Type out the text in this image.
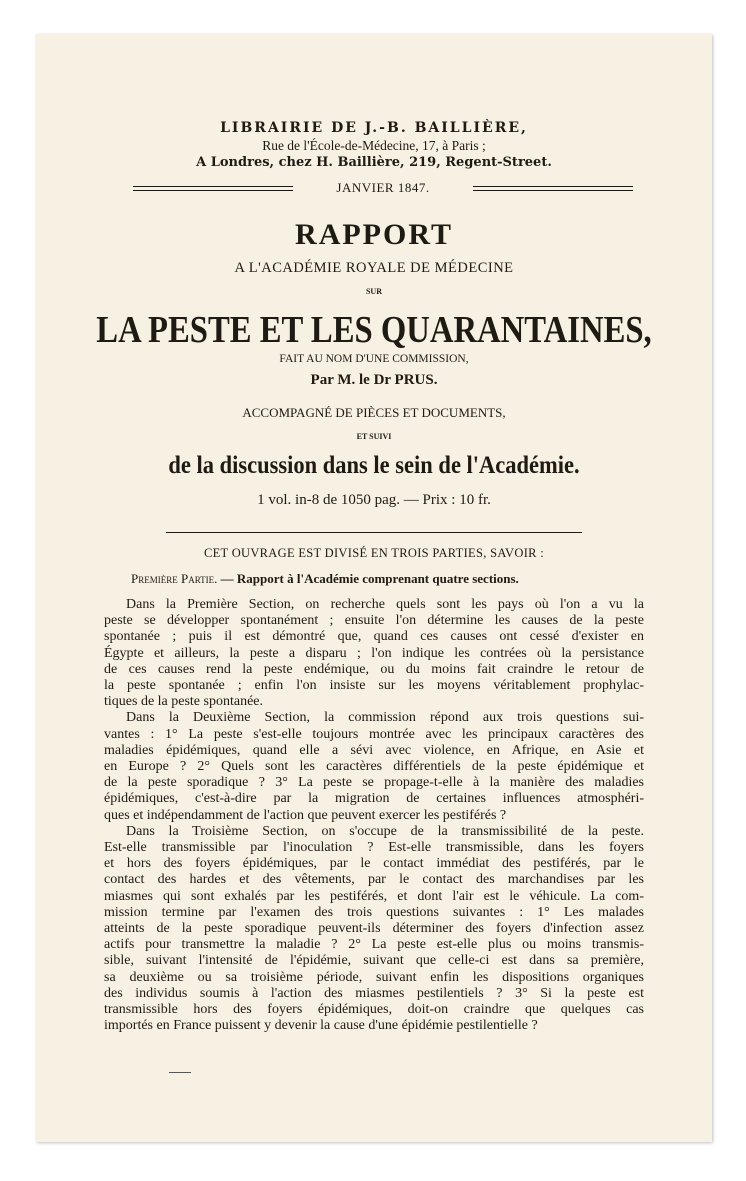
LIBRAIRIE DE J.-B. BAILLIÈRE,
Rue de l'École-de-Médecine, 17, à Paris ;
A Londres, chez H. Baillière, 219, Regent-Street.
JANVIER 1847.
RAPPORT
A L'ACADÉMIE ROYALE DE MÉDECINE
SUR
LA PESTE ET LES QUARANTAINES,
FAIT AU NOM D'UNE COMMISSION,
Par M. le Dr PRUS.
ACCOMPAGNÉ DE PIÈCES ET DOCUMENTS,
ET SUIVI
de la discussion dans le sein de l'Académie.
1 vol. in-8 de 1050 pag. — Prix : 10 fr.
CET OUVRAGE EST DIVISÉ EN TROIS PARTIES, SAVOIR :
Première Partie. — Rapport à l'Académie comprenant quatre sections.
Dans la Première Section, on recherche quels sont les pays où l'on a vu la
peste se développer spontanément ; ensuite l'on détermine les causes de la peste
spontanée ; puis il est démontré que, quand ces causes ont cessé d'exister en
Égypte et ailleurs, la peste a disparu ; l'on indique les contrées où la persistance
de ces causes rend la peste endémique, ou du moins fait craindre le retour de
la peste spontanée ; enfin l'on insiste sur les moyens véritablement prophylac-
tiques de la peste spontanée.
Dans la Deuxième Section, la commission répond aux trois questions sui-
vantes : 1° La peste s'est-elle toujours montrée avec les principaux caractères des
maladies épidémiques, quand elle a sévi avec violence, en Afrique, en Asie et
en Europe ? 2° Quels sont les caractères différentiels de la peste épidémique et
de la peste sporadique ? 3° La peste se propage-t-elle à la manière des maladies
épidémiques, c'est-à-dire par la migration de certaines influences atmosphéri-
ques et indépendamment de l'action que peuvent exercer les pestiférés ?
Dans la Troisième Section, on s'occupe de la transmissibilité de la peste.
Est-elle transmissible par l'inoculation ? Est-elle transmissible, dans les foyers
et hors des foyers épidémiques, par le contact immédiat des pestiférés, par le
contact des hardes et des vêtements, par le contact des marchandises par les
miasmes qui sont exhalés par les pestiférés, et dont l'air est le véhicule. La com-
mission termine par l'examen des trois questions suivantes : 1° Les malades
atteints de la peste sporadique peuvent-ils déterminer des foyers d'infection assez
actifs pour transmettre la maladie ? 2° La peste est-elle plus ou moins transmis-
sible, suivant l'intensité de l'épidémie, suivant que celle-ci est dans sa première,
sa deuxième ou sa troisième période, suivant enfin les dispositions organiques
des individus soumis à l'action des miasmes pestilentiels ? 3° Si la peste est
transmissible hors des foyers épidémiques, doit-on craindre que quelques cas
importés en France puissent y devenir la cause d'une épidémie pestilentielle ?
